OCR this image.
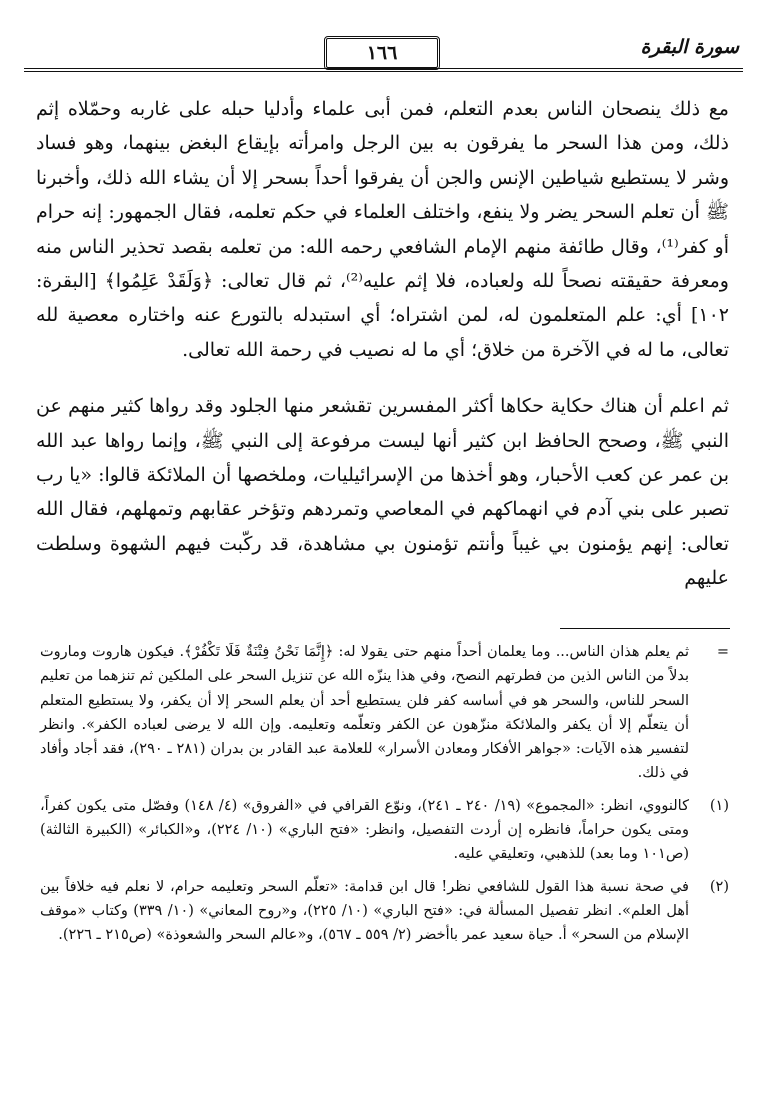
سورة البقرة
١٦٦

مع ذلك ينصحان الناس بعدم التعلم، فمن أبى علماء وأدليا حبله على غاربه وحمّلاه إثم ذلك، ومن هذا السحر ما يفرقون به بين الرجل وامرأته بإيقاع البغض بينهما، وهو فساد وشر لا يستطيع شياطين الإنس والجن أن يفرقوا أحداً بسحر إلا أن يشاء الله ذلك، وأخبرنا ﷺ أن تعلم السحر يضر ولا ينفع، واختلف العلماء في حكم تعلمه، فقال الجمهور: إنه حرام أو كفر⁽¹⁾، وقال طائفة منهم الإمام الشافعي رحمه الله: من تعلمه بقصد تحذير الناس منه ومعرفة حقيقته نصحاً لله ولعباده، فلا إثم عليه⁽²⁾، ثم قال تعالى: ﴿وَلَقَدْ عَلِمُوا﴾ [البقرة: ١٠٢] أي: علم المتعلمون له، لمن اشتراه؛ أي استبدله بالتورع عنه واختاره معصية لله تعالى، ما له في الآخرة من خلاق؛ أي ما له نصيب في رحمة الله تعالى.

ثم اعلم أن هناك حكاية حكاها أكثر المفسرين تقشعر منها الجلود وقد رواها كثير منهم عن النبي ﷺ، وصحح الحافظ ابن كثير أنها ليست مرفوعة إلى النبي ﷺ، وإنما رواها عبد الله بن عمر عن كعب الأحبار، وهو أخذها من الإسرائيليات، وملخصها أن الملائكة قالوا: «يا رب تصبر على بني آدم في انهماكهم في المعاصي وتمردهم وتؤخر عقابهم وتمهلهم، فقال الله تعالى: إنهم يؤمنون بي غيباً وأنتم تؤمنون بي مشاهدة، قد ركّبت فيهم الشهوة وسلطت عليهم

=
ثم يعلم هذان الناس... وما يعلمان أحداً منهم حتى يقولا له: ﴿إِنَّمَا نَحْنُ فِتْنَةٌ فَلَا تَكْفُرْ﴾. فيكون هاروت وماروت بدلاً من الناس الذين من فطرتهم النصح، وفي هذا ينزّه الله عن تنزيل السحر على الملكين ثم تنزهما من تعليم السحر للناس، والسحر هو في أساسه كفر فلن يستطيع أحد أن يعلم السحر إلا أن يكفر، ولا يستطيع المتعلم أن يتعلّم إلا أن يكفر والملائكة منزّهون عن الكفر وتعلّمه وتعليمه. وإن الله لا يرضى لعباده الكفر». وانظر لتفسير هذه الآيات: «جواهر الأفكار ومعادن الأسرار» للعلامة عبد القادر بن بدران (٢٨١ ـ ٢٩٠)، فقد أجاد وأفاد في ذلك.
(١)
كالنووي، انظر: «المجموع» (١٩/ ٢٤٠ ـ ٢٤١)، ونوّع القرافي في «الفروق» (٤/ ١٤٨) وفصّل متى يكون كفراً، ومتى يكون حراماً، فانظره إن أردت التفصيل، وانظر: «فتح الباري» (١٠/ ٢٢٤)، و«الكبائر» (الكبيرة الثالثة) (ص١٠١ وما بعد) للذهبي، وتعليقي عليه.
(٢)
في صحة نسبة هذا القول للشافعي نظر! قال ابن قدامة: «تعلّم السحر وتعليمه حرام، لا نعلم فيه خلافاً بين أهل العلم». انظر تفصيل المسألة في: «فتح الباري» (١٠/ ٢٢٥)، و«روح المعاني» (١٠/ ٣٣٩) وكتاب «موقف الإسلام من السحر» أ. حياة سعيد عمر باأخضر (٢/ ٥٥٩ ـ ٥٦٧)، و«عالم السحر والشعوذة» (ص٢١٥ ـ ٢٢٦).
